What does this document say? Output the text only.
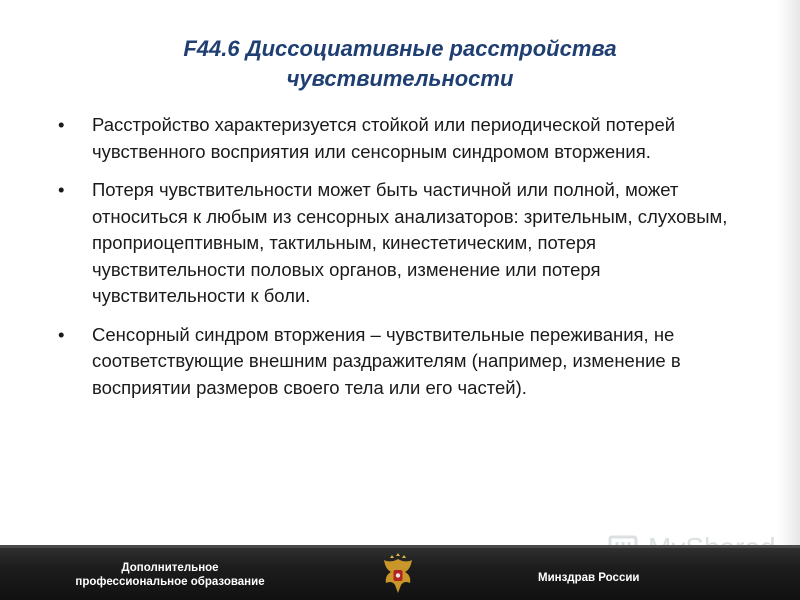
F44.6 Диссоциативные расстройства
чувствительности
• Расстройство характеризуется стойкой или периодической потерей чувственного восприятия или сенсорным синдромом вторжения.
• Потеря чувствительности может быть частичной или полной, может относиться к любым из сенсорных анализаторов: зрительным, слуховым, проприоцептивным, тактильным, кинестетическим, потеря чувствительности половых органов, изменение или потеря чувствительности к боли.
• Сенсорный синдром вторжения – чувствительные переживания, не соответствующие внешним раздражителям (например, изменение в восприятии размеров своего тела или его частей).
Дополнительное
профессиональное образование	Минздрав России
